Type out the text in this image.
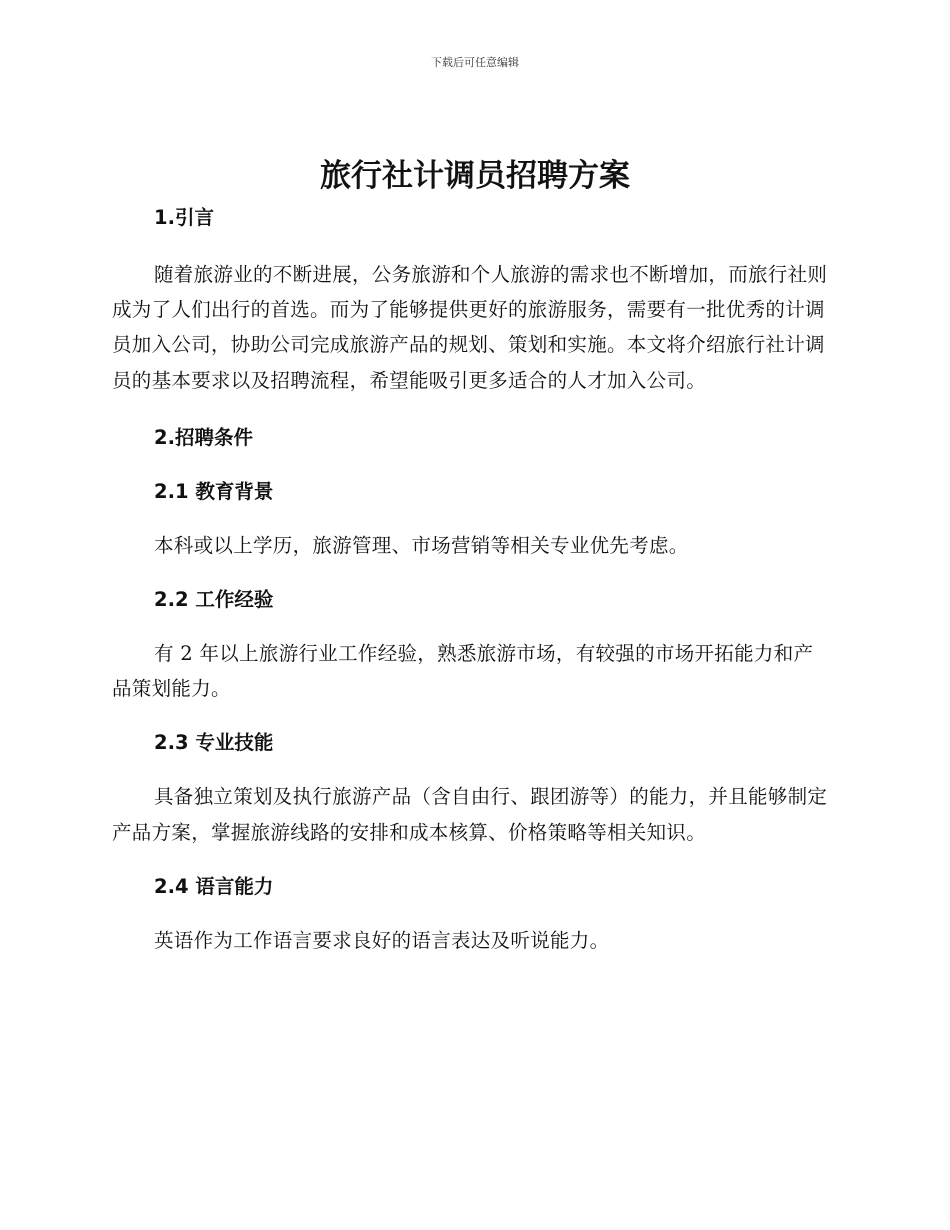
下载后可任意编辑
旅行社计调员招聘方案
1.引言

随着旅游业的不断进展，公务旅游和个人旅游的需求也不断增加，而旅行社则成为了人们出行的首选。而为了能够提供更好的旅游服务，需要有一批优秀的计调员加入公司，协助公司完成旅游产品的规划、策划和实施。本文将介绍旅行社计调员的基本要求以及招聘流程，希望能吸引更多适合的人才加入公司。

2.招聘条件
2.1 教育背景

本科或以上学历，旅游管理、市场营销等相关专业优先考虑。

2.2 工作经验

有 2 年以上旅游行业工作经验，熟悉旅游市场，有较强的市场开拓能力和产品策划能力。

2.3 专业技能

具备独立策划及执行旅游产品（含自由行、跟团游等）的能力，并且能够制定产品方案，掌握旅游线路的安排和成本核算、价格策略等相关知识。

2.4 语言能力

英语作为工作语言要求良好的语言表达及听说能力。
